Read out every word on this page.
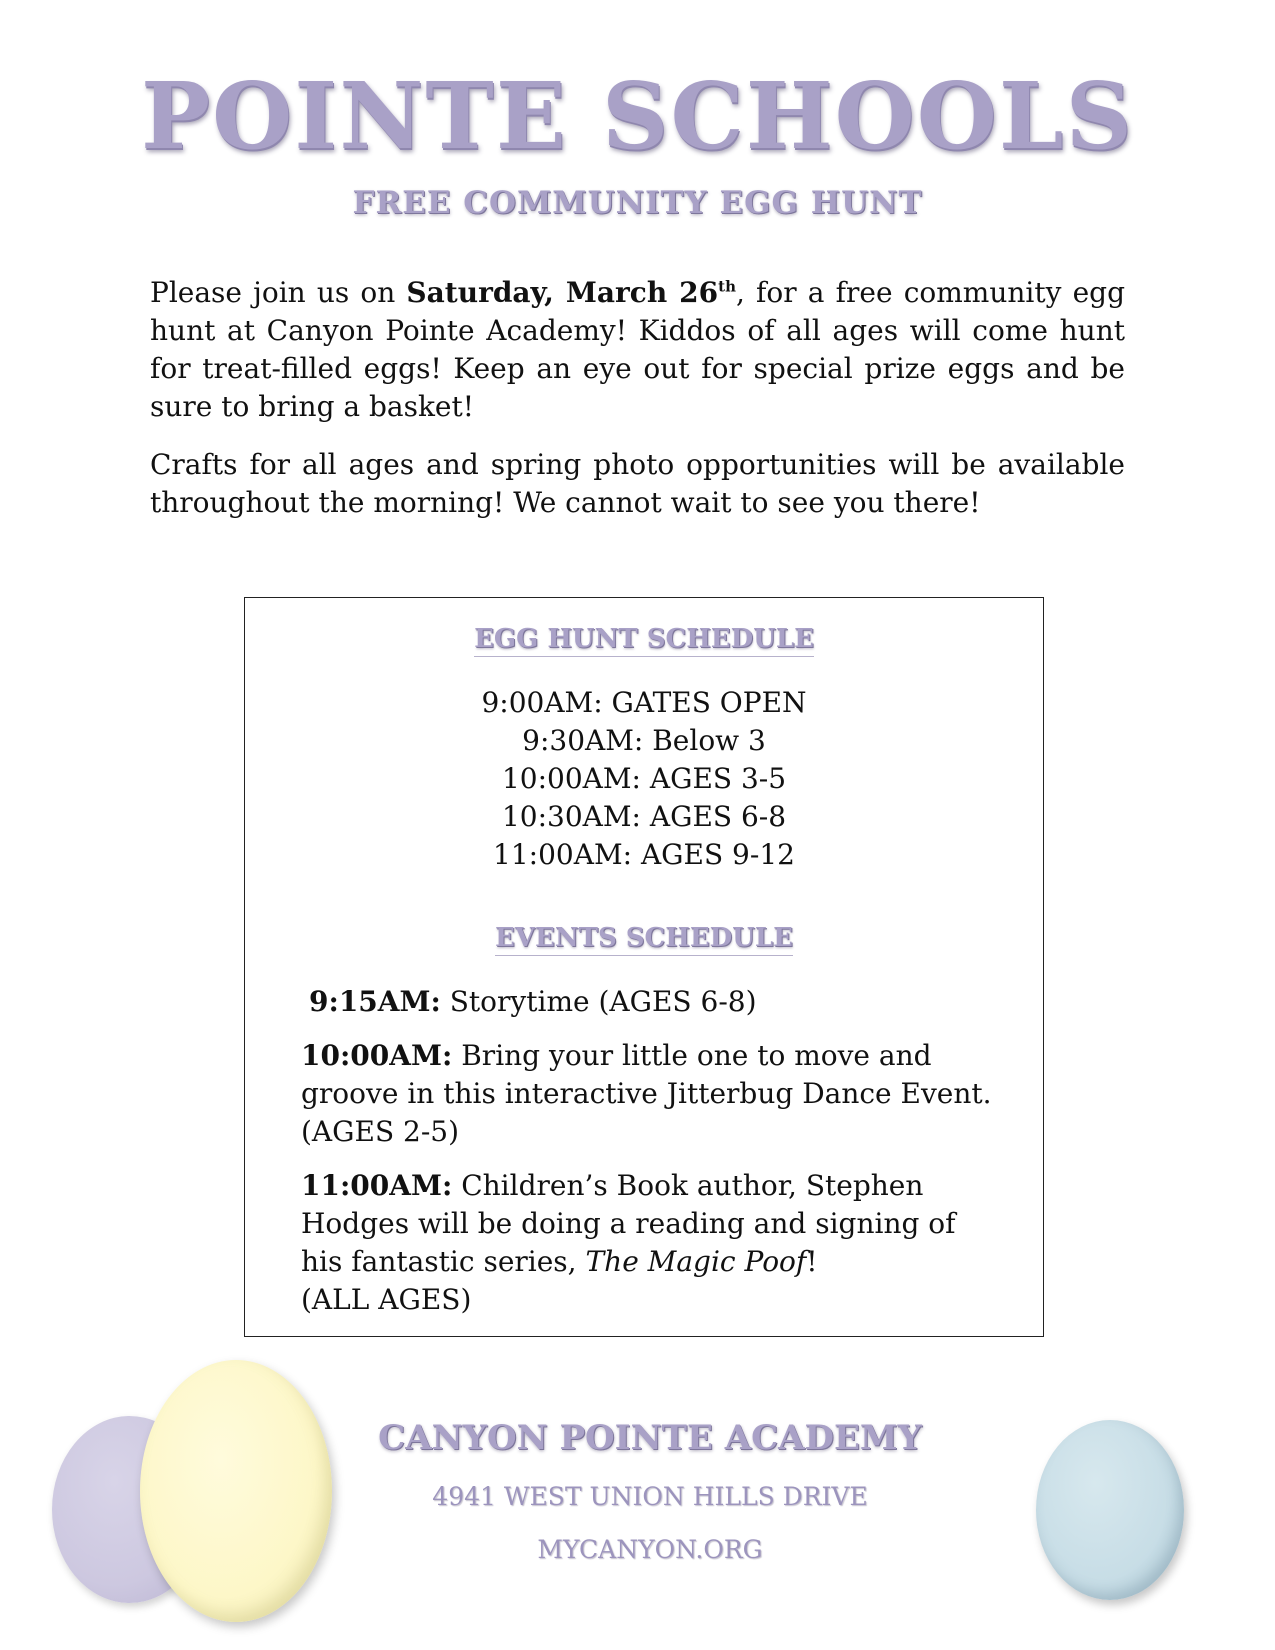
POINTE SCHOOLS
FREE COMMUNITY EGG HUNT

Please join us on Saturday, March 26th, for a free community egg hunt at Canyon Pointe Academy! Kiddos of all ages will come hunt for treat-filled eggs! Keep an eye out for special prize eggs and be sure to bring a basket!

Crafts for all ages and spring photo opportunities will be available throughout the morning! We cannot wait to see you there!

EGG HUNT SCHEDULE
9:00AM: GATES OPEN
9:30AM: Below 3
10:00AM: AGES 3-5
10:30AM: AGES 6-8
11:00AM: AGES 9-12
EVENTS SCHEDULE

9:15AM: Storytime (AGES 6-8)

10:00AM: Bring your little one to move and groove in this interactive Jitterbug Dance Event. (AGES 2-5)

11:00AM: Children’s Book author, Stephen Hodges will be doing a reading and signing of his fantastic series, The Magic Poof!
(ALL AGES)

CANYON POINTE ACADEMY
4941 WEST UNION HILLS DRIVE
MYCANYON.ORG
